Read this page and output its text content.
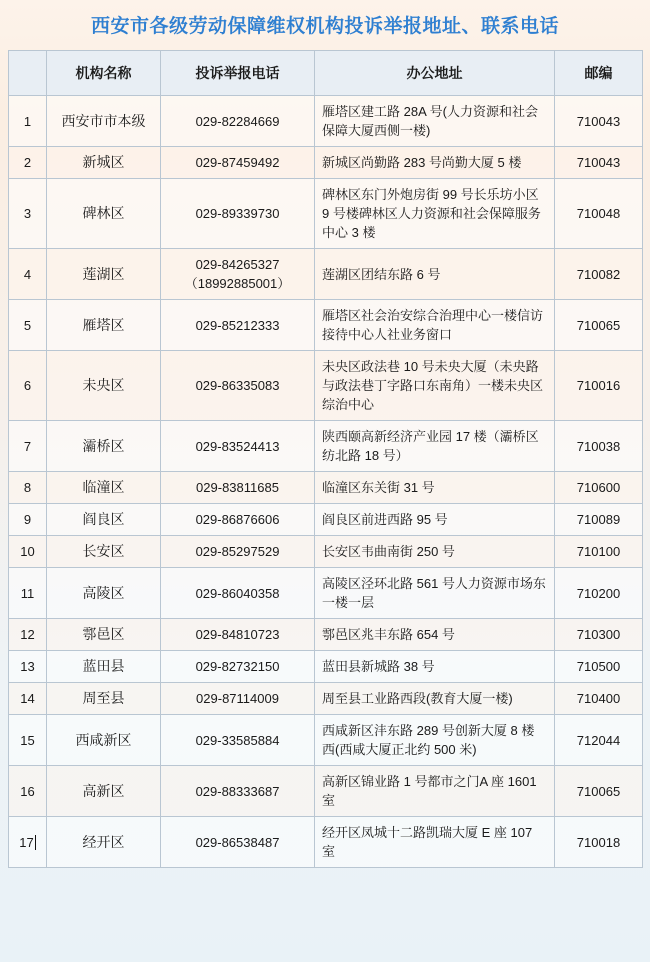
西安市各级劳动保障维权机构投诉举报地址、联系电话
	机构名称	投诉举报电话	办公地址	邮编
1	西安市市本级	029-82284669	雁塔区建工路 28A 号(人力资源和社会保障大厦西侧一楼)	710043
2	新城区	029-87459492	新城区尚勤路 283 号尚勤大厦 5 楼	710043
3	碑林区	029-89339730	碑林区东门外炮房街 99 号长乐坊小区 9 号楼碑林区人力资源和社会保障服务中心 3 楼	710048
4	莲湖区	029-84265327（18992885001）	莲湖区团结东路 6 号	710082
5	雁塔区	029-85212333	雁塔区社会治安综合治理中心一楼信访接待中心人社业务窗口	710065
6	未央区	029-86335083	未央区政法巷 10 号未央大厦（未央路与政法巷丁字路口东南角）一楼未央区综治中心	710016
7	灞桥区	029-83524413	陕西颐高新经济产业园 17 楼（灞桥区纺北路 18 号）	710038
8	临潼区	029-83811685	临潼区东关街 31 号	710600
9	阎良区	029-86876606	阎良区前进西路 95 号	710089
10	长安区	029-85297529	长安区韦曲南街 250 号	710100
11	高陵区	029-86040358	高陵区泾环北路 561 号人力资源市场东一楼一层	710200
12	鄠邑区	029-84810723	鄠邑区兆丰东路 654 号	710300
13	蓝田县	029-82732150	蓝田县新城路 38 号	710500
14	周至县	029-87114009	周至县工业路西段(教育大厦一楼)	710400
15	西咸新区	029-33585884	西咸新区沣东路 289 号创新大厦 8 楼西(西咸大厦正北约 500 米)	712044
16	高新区	029-88333687	高新区锦业路 1 号都市之门A 座 1601 室	710065
17	经开区	029-86538487	经开区凤城十二路凯瑞大厦 E 座 107 室	710018
